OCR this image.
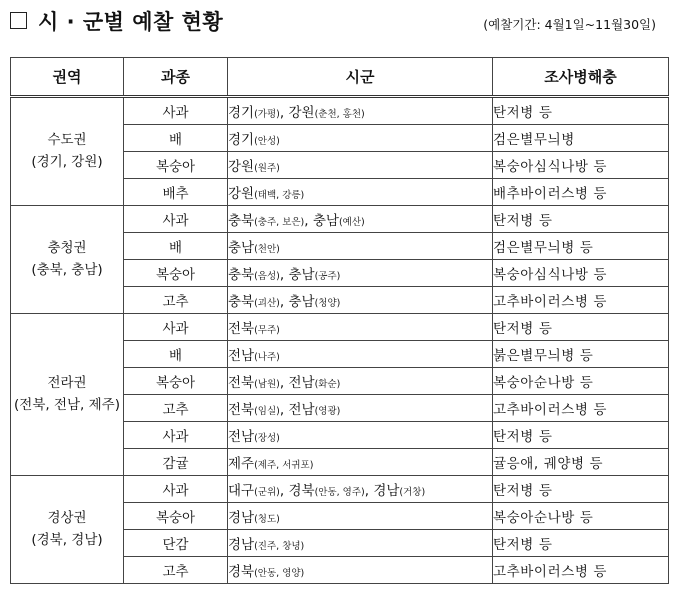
시 · 군별 예찰 현황	(예찰기간: 4월1일~11월30일)
권역	과종	시군	조사병해충

수도권
(경기, 강원)	사과	경기(가평), 강원(춘천, 홍천)	탄저병 등
	배	경기(안성)	검은별무늬병
	복숭아	강원(원주)	복숭아심식나방 등
	배추	강원(태백, 강릉)	배추바이러스병 등

충청권
(충북, 충남)	사과	충북(충주, 보은), 충남(예산)	탄저병 등
	배	충남(천안)	검은별무늬병 등
	복숭아	충북(음성), 충남(공주)	복숭아심식나방 등
	고추	충북(괴산), 충남(청양)	고추바이러스병 등

전라권
(전북, 전남, 제주)	사과	전북(무주)	탄저병 등
	배	전남(나주)	붉은별무늬병 등
	복숭아	전북(남원), 전남(화순)	복숭아순나방 등
	고추	전북(임실), 전남(영광)	고추바이러스병 등
	사과	전남(장성)	탄저병 등
	감귤	제주(제주, 서귀포)	귤응애, 궤양병 등

경상권
(경북, 경남)	사과	대구(군위), 경북(안동, 영주), 경남(거창)	탄저병 등
	복숭아	경남(청도)	복숭아순나방 등
	단감	경남(진주, 창녕)	탄저병 등
	고추	경북(안동, 영양)	고추바이러스병 등
